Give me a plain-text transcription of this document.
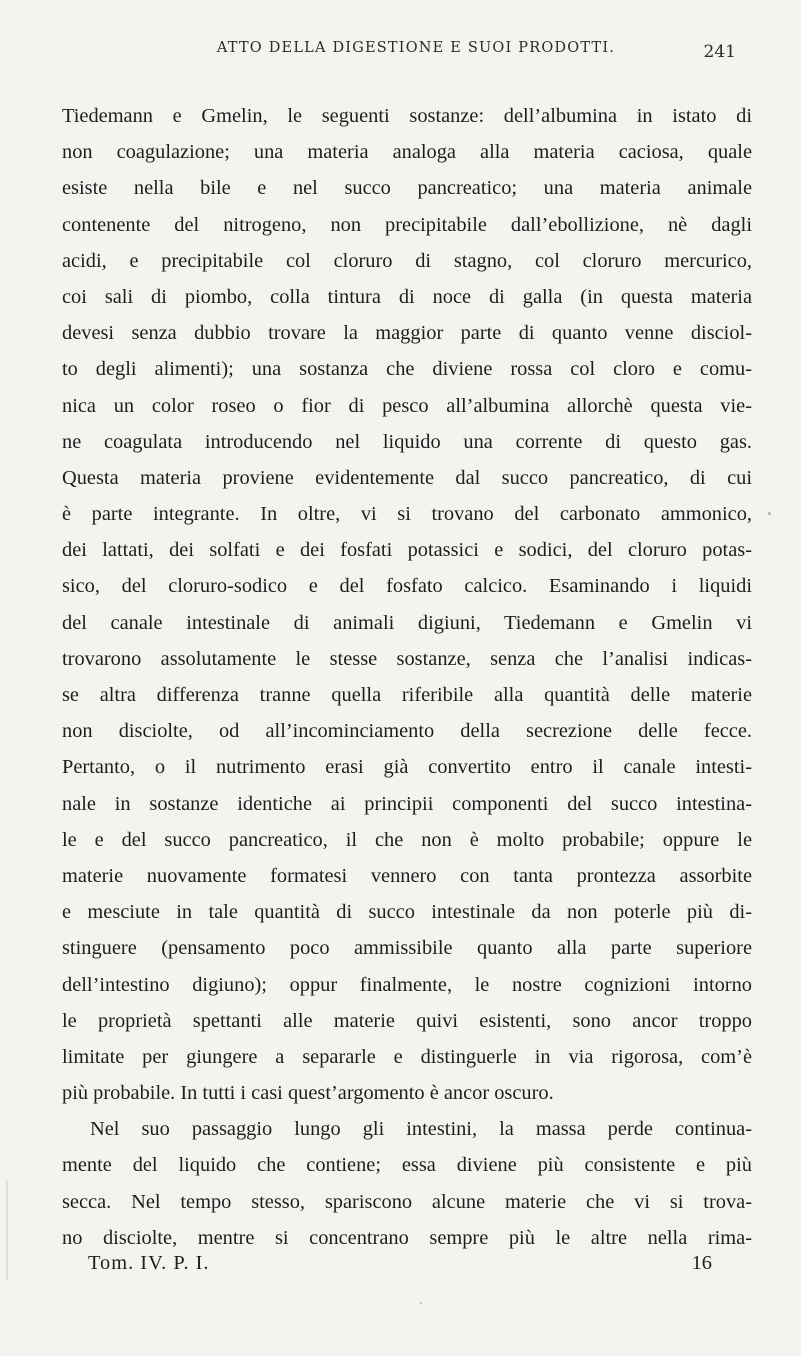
ATTO DELLA DIGESTIONE E SUOI PRODOTTI.	241
Tiedemann e Gmelin, le seguenti sostanze: dell’albumina in istato di
non coagulazione; una materia analoga alla materia caciosa, quale
esiste nella bile e nel succo pancreatico; una materia animale
contenente del nitrogeno, non precipitabile dall’ebollizione, nè dagli
acidi, e precipitabile col cloruro di stagno, col cloruro mercurico,
coi sali di piombo, colla tintura di noce di galla (in questa materia
devesi senza dubbio trovare la maggior parte di quanto venne disciol-
to degli alimenti); una sostanza che diviene rossa col cloro e comu-
nica un color roseo o fior di pesco all’albumina allorchè questa vie-
ne coagulata introducendo nel liquido una corrente di questo gas.
Questa materia proviene evidentemente dal succo pancreatico, di cui
è parte integrante. In oltre, vi si trovano del carbonato ammonico,
dei lattati, dei solfati e dei fosfati potassici e sodici, del cloruro potas-
sico, del cloruro-sodico e del fosfato calcico. Esaminando i liquidi
del canale intestinale di animali digiuni, Tiedemann e Gmelin vi
trovarono assolutamente le stesse sostanze, senza che l’analisi indicas-
se altra differenza tranne quella riferibile alla quantità delle materie
non disciolte, od all’incominciamento della secrezione delle fecce.
Pertanto, o il nutrimento erasi già convertito entro il canale intesti-
nale in sostanze identiche ai principii componenti del succo intestina-
le e del succo pancreatico, il che non è molto probabile; oppure le
materie nuovamente formatesi vennero con tanta prontezza assorbite
e mesciute in tale quantità di succo intestinale da non poterle più di-
stinguere (pensamento poco ammissibile quanto alla parte superiore
dell’intestino digiuno); oppur finalmente, le nostre cognizioni intorno
le proprietà spettanti alle materie quivi esistenti, sono ancor troppo
limitate per giungere a separarle e distinguerle in via rigorosa, com’è
più probabile. In tutti i casi quest’argomento è ancor oscuro.
Nel suo passaggio lungo gli intestini, la massa perde continua-
mente del liquido che contiene; essa diviene più consistente e più
secca. Nel tempo stesso, spariscono alcune materie che vi si trova-
no disciolte, mentre si concentrano sempre più le altre nella rima-
Tom. IV. P. I.	16
